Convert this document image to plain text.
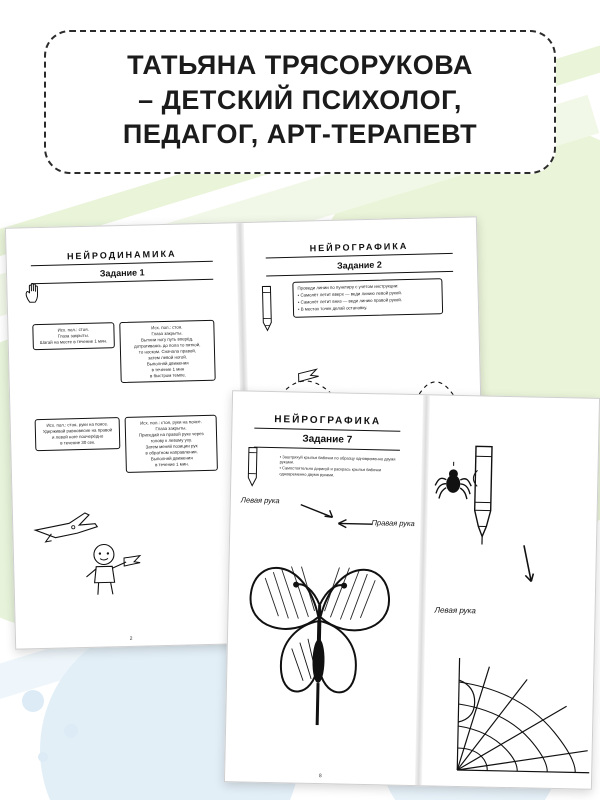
ТАТЬЯНА ТРЯСОРУКОВА
– ДЕТСКИЙ ПСИХОЛОГ,
ПЕДАГОГ, АРТ-ТЕРАПЕВТ
НЕЙРОДИНАМИКА
Задание 1
Исх. пол.: стоя.
Глаза закрыты.
Шагай на месте в течение 1 мин.
Исх. пол.: стоя.
Глаза закрыты.
Вытяни ногу путь вперёд,
дотрагиваясь до пола то пяткой,
то носком. Сначала правой,
затем левой ногой.
Выполняй движения
в течение 1 мин
в быстром темпе.
Исх. пол.: стоя, руки на поясе.
Удерживай равновесие на правой
и левой ноге поочерёдно
в течение 30 сек.
Исх. пол.: стоя, руки на поясе.
Глаза закрыты.
Приседай на правой руке через
голову к левому уху.
Затем меняй позиции рук
в обратном направлении.
Выполняй движения
в течение 1 мин.
2
НЕЙРОГРАФИКА
Задание 2
Проведи линии по пунктиру с учётом инструкции:
• Самолёт летит вверх — веди линию левой рукой.
• Самолёт летит вниз — веди линию правой рукой.
• В местах точек делай остановку.
НЕЙРОГРАФИКА
Задание 7
• Заштрихуй крылья бабочки по образцу одновременно двумя руками.
• Самостоятельно дорисуй и раскрась крылья бабочки одновременно двумя руками.
Левая рука
Правая рука
8
Левая рука
